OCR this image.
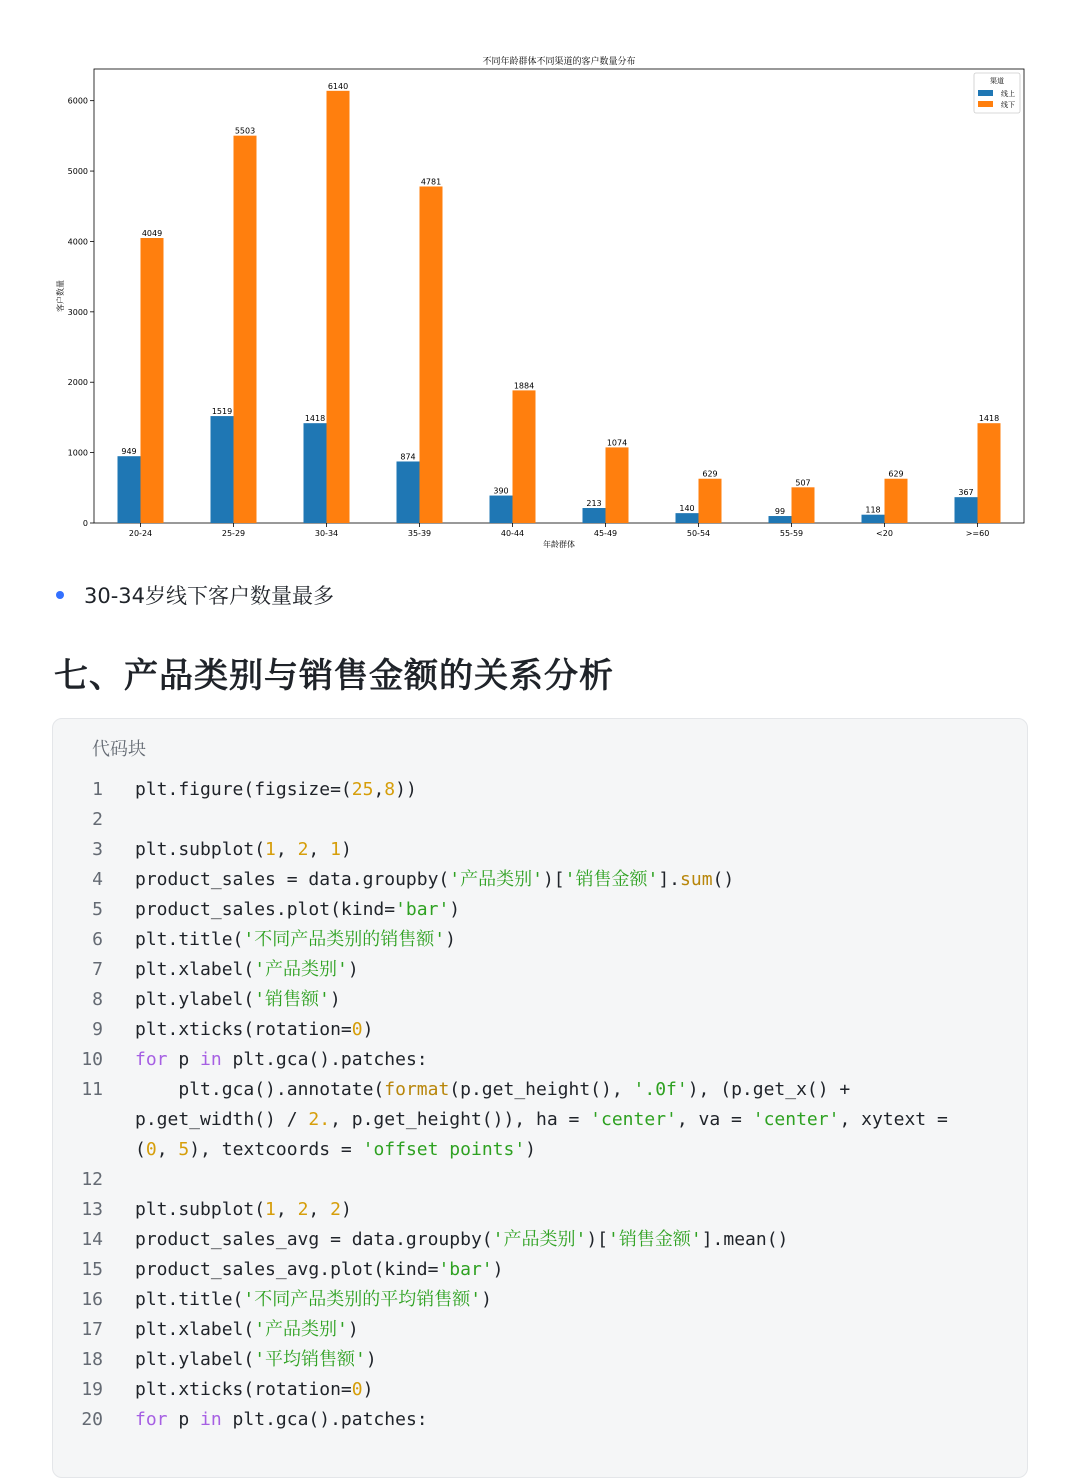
不同年龄群体不同渠道的客户数量分布
0
1000
2000
3000
4000
5000
6000
20-24
949
4049
25-29
1519
5503
30-34
1418
6140
35-39
874
4781
40-44
390
1884
45-49
213
1074
50-54
140
629
55-59
99
507
<20
118
629
>=60
367
1418
年龄群体
客户数量
渠道
线上
线下
30-34岁线下客户数量最多
七、产品类别与销售金额的关系分析
代码块
1 plt.figure(figsize=(25,8))
2
3 plt.subplot(1, 2, 1)
4 product_sales = data.groupby('产品类别')['销售金额'].sum()
5 product_sales.plot(kind='bar')
6 plt.title('不同产品类别的销售额')
7 plt.xlabel('产品类别')
8 plt.ylabel('销售额')
9 plt.xticks(rotation=0)
10 for p in plt.gca().patches:
11 plt.gca().annotate(format(p.get_height(), '.0f'), (p.get_x() + p.get_width() / 2., p.get_height()), ha = 'center', va = 'center', xytext = (0, 5), textcoords = 'offset points')
12
13 plt.subplot(1, 2, 2)
14 product_sales_avg = data.groupby('产品类别')['销售金额'].mean()
15 product_sales_avg.plot(kind='bar')
16 plt.title('不同产品类别的平均销售额')
17 plt.xlabel('产品类别')
18 plt.ylabel('平均销售额')
19 plt.xticks(rotation=0)
20 for p in plt.gca().patches:
